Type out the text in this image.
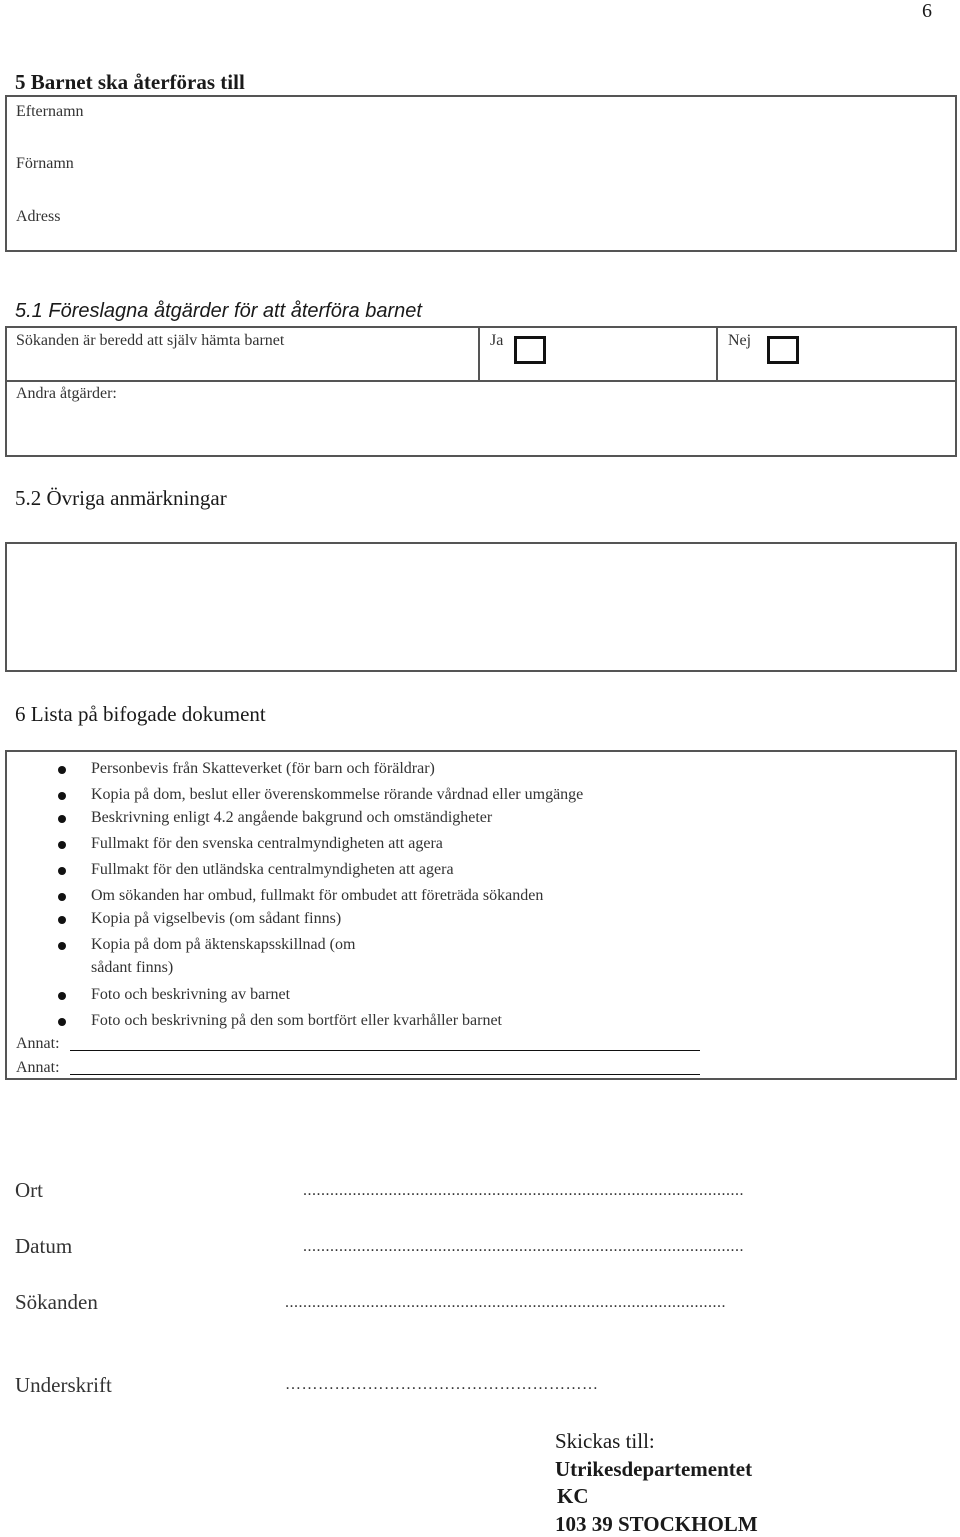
6
5 Barnet ska återföras till
Efternamn
Förnamn
Adress
5.1 Föreslagna åtgärder för att återföra barnet
Sökanden är beredd att själv hämta barnet	Ja	Nej
Andra åtgärder:
5.2 Övriga anmärkningar
6 Lista på bifogade dokument
Personbevis från Skatteverket (för barn och föräldrar)
Kopia på dom, beslut eller överenskommelse rörande vårdnad eller umgänge
Beskrivning enligt 4.2 angående bakgrund och omständigheter
Fullmakt för den svenska centralmyndigheten att agera
Fullmakt för den utländska centralmyndigheten att agera
Om sökanden har ombud, fullmakt för ombudet att företräda sökanden
Kopia på vigselbevis (om sådant finns)
Kopia på dom på äktenskapsskillnad (om
sådant finns)
Foto och beskrivning av barnet
Foto och beskrivning på den som bortfört eller kvarhåller barnet
Annat:
Annat:
Ort	..................................................................................................
Datum	..................................................................................................
Sökanden	..................................................................................................
Underskrift	…………………………………………………
Skickas till:
Utrikesdepartementet
KC
103 39 STOCKHOLM
